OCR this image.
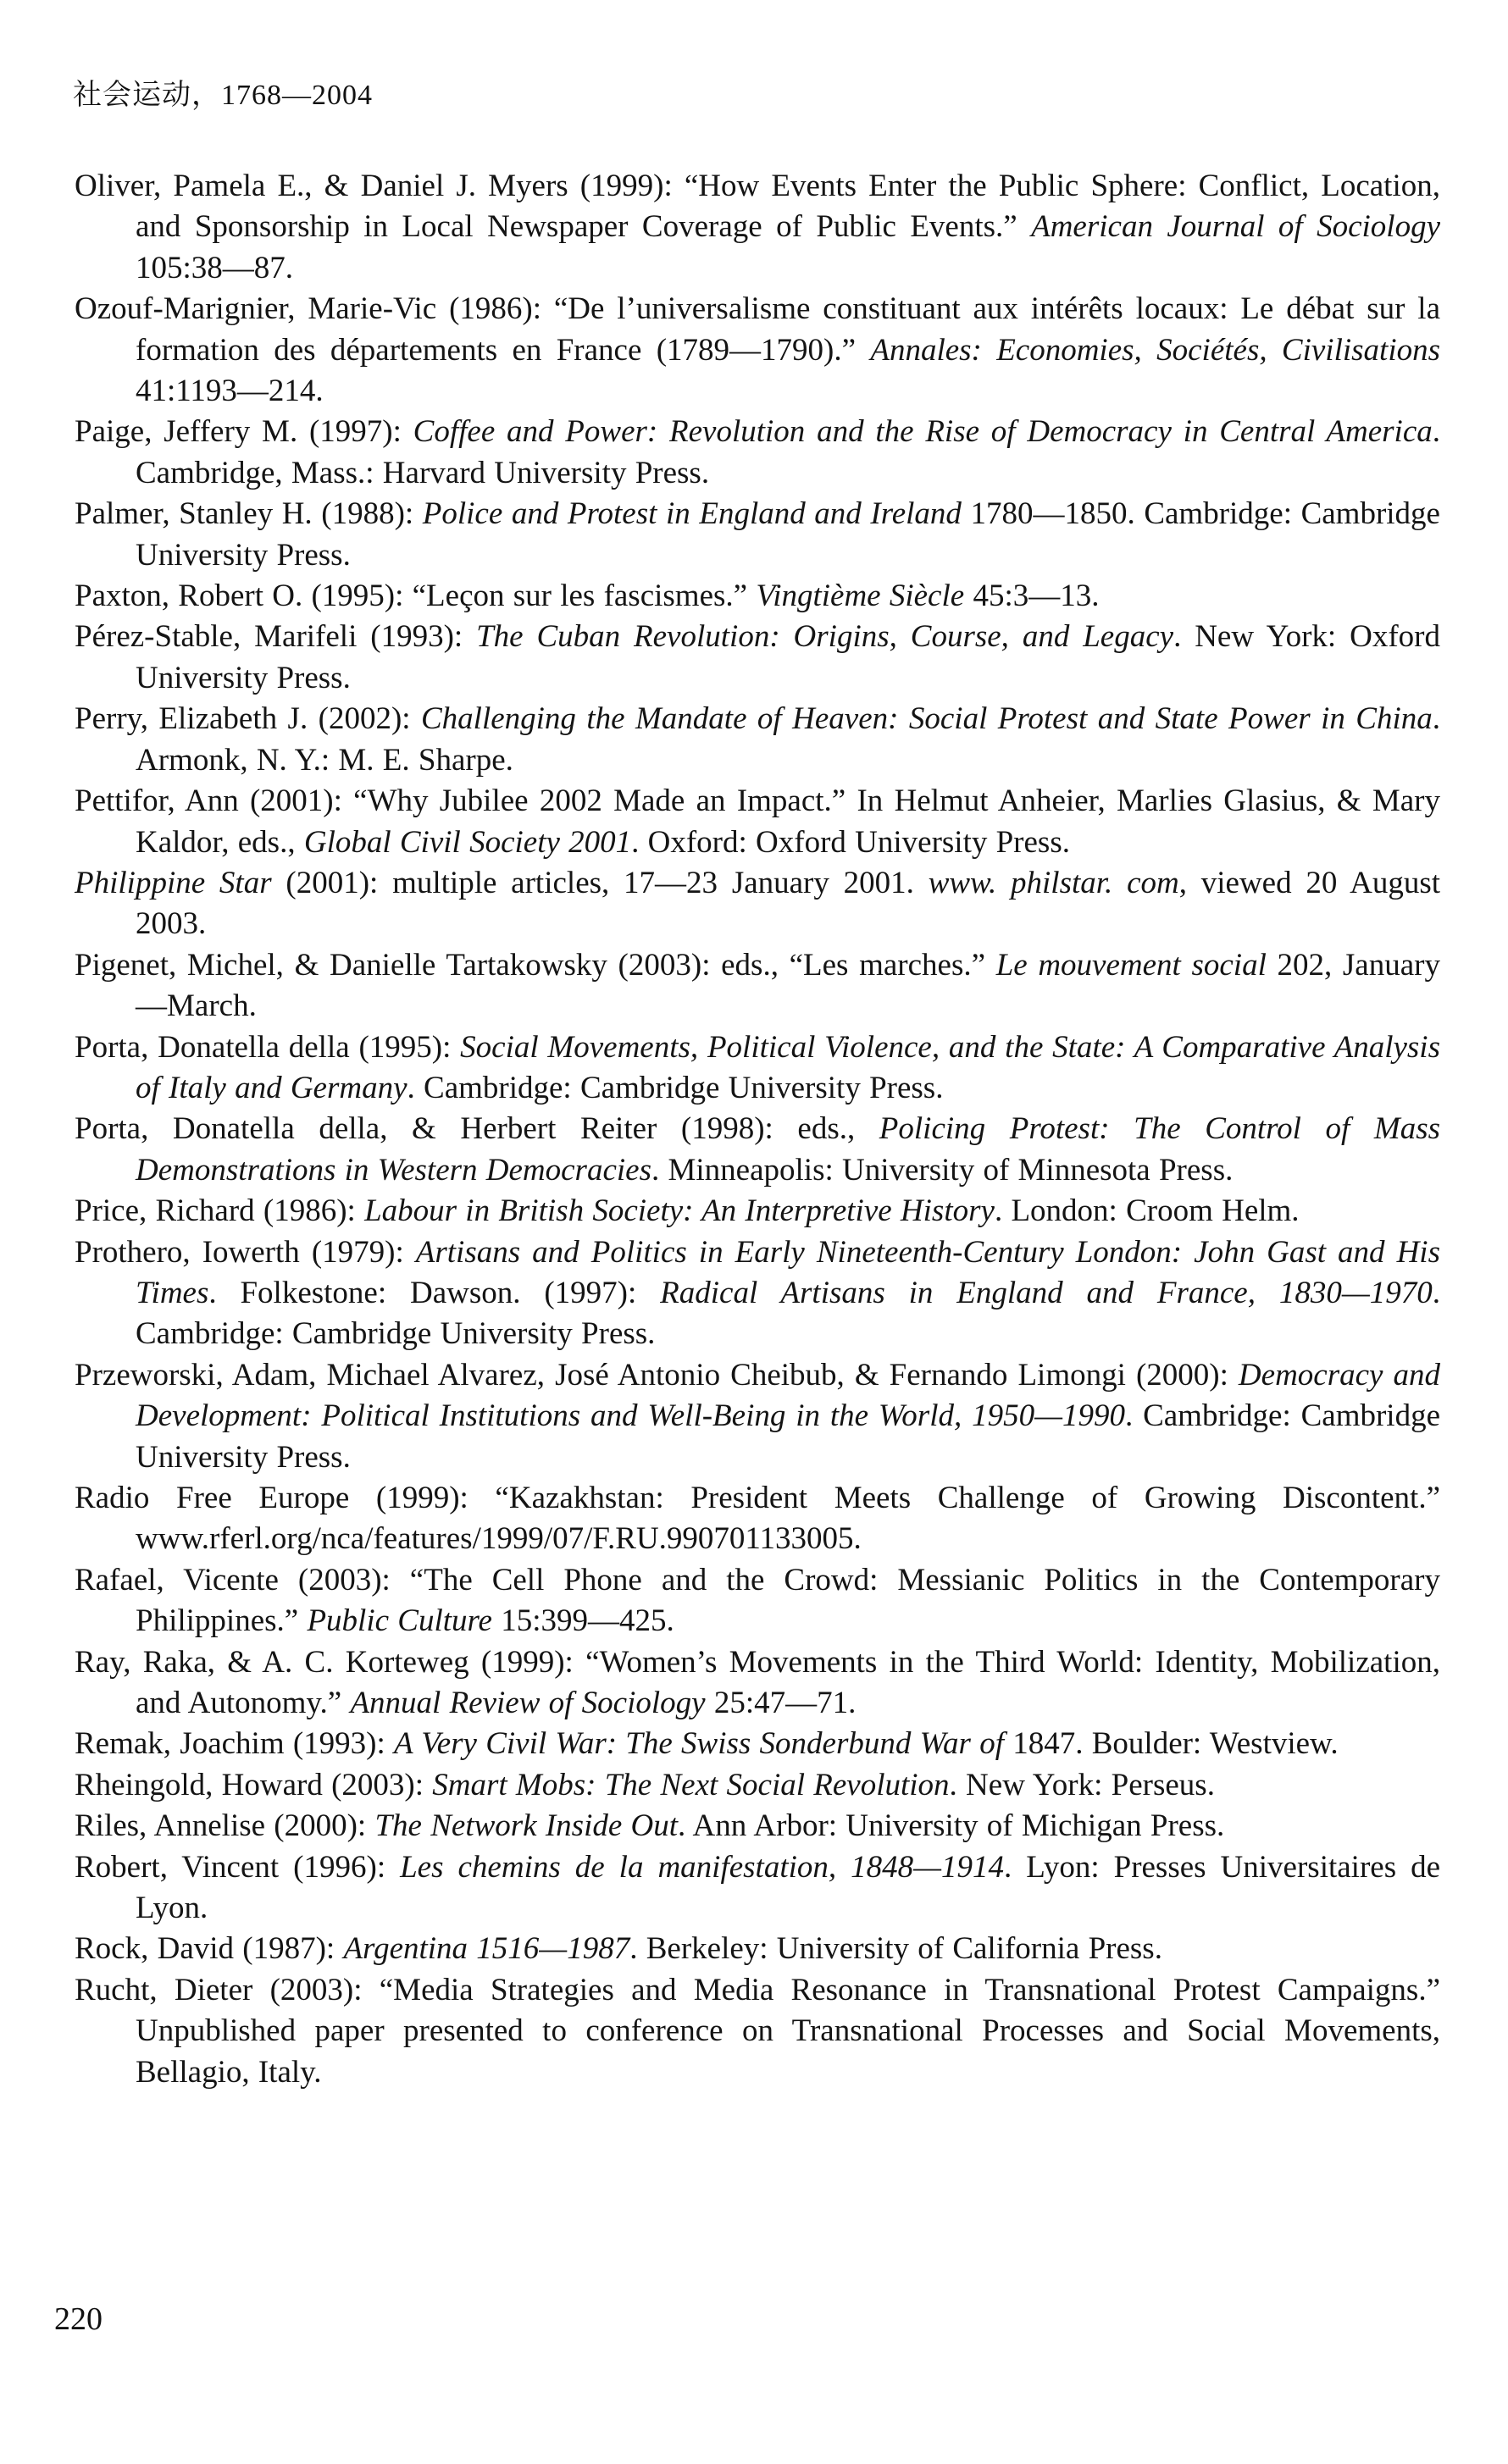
社会运动，1768—2004

Oliver, Pamela E., & Daniel J. Myers (1999): “How Events Enter the Public Sphere: Conflict, Location, and Sponsorship in Local Newspaper Coverage of Public Events.” American Journal of Sociology 105:38—87.

Ozouf-Marignier, Marie-Vic (1986): “De l’universalisme constituant aux intérêts locaux: Le débat sur la formation des départements en France (1789—1790).” Annales: Economies, Sociétés, Civilisations 41:1193—214.

Paige, Jeffery M. (1997): Coffee and Power: Revolution and the Rise of Democracy in Central America. Cambridge, Mass.: Harvard University Press.

Palmer, Stanley H. (1988): Police and Protest in England and Ireland 1780—1850. Cambridge: Cambridge University Press.

Paxton, Robert O. (1995): “Leçon sur les fascismes.” Vingtième Siècle 45:3—13.

Pérez-Stable, Marifeli (1993): The Cuban Revolution: Origins, Course, and Legacy. New York: Oxford University Press.

Perry, Elizabeth J. (2002): Challenging the Mandate of Heaven: Social Protest and State Power in China. Armonk, N. Y.: M. E. Sharpe.

Pettifor, Ann (2001): “Why Jubilee 2002 Made an Impact.” In Helmut Anheier, Marlies Glasius, & Mary Kaldor, eds., Global Civil Society 2001. Oxford: Oxford University Press.

Philippine Star (2001): multiple articles, 17—23 January 2001. www. philstar. com, viewed 20 August 2003.

Pigenet, Michel, & Danielle Tartakowsky (2003): eds., “Les marches.” Le mouvement social 202, January—March.

Porta, Donatella della (1995): Social Movements, Political Violence, and the State: A Comparative Analysis of Italy and Germany. Cambridge: Cambridge University Press.

Porta, Donatella della, & Herbert Reiter (1998): eds., Policing Protest: The Control of Mass Demonstrations in Western Democracies. Minneapolis: University of Minnesota Press.

Price, Richard (1986): Labour in British Society: An Interpretive History. London: Croom Helm.

Prothero, Iowerth (1979): Artisans and Politics in Early Nineteenth-Century London: John Gast and His Times. Folkestone: Dawson. (1997): Radical Artisans in England and France, 1830—1970. Cambridge: Cambridge University Press.

Przeworski, Adam, Michael Alvarez, José Antonio Cheibub, & Fernando Limongi (2000): Democracy and Development: Political Institutions and Well-Being in the World, 1950—1990. Cambridge: Cambridge University Press.

Radio Free Europe (1999): “Kazakhstan: President Meets Challenge of Growing Discontent.” www.rferl.org/nca/features/1999/07/F.RU.990701133005.

Rafael, Vicente (2003): “The Cell Phone and the Crowd: Messianic Politics in the Contemporary Philippines.” Public Culture 15:399—425.

Ray, Raka, & A. C. Korteweg (1999): “Women’s Movements in the Third World: Identity, Mobilization, and Autonomy.” Annual Review of Sociology 25:47—71.

Remak, Joachim (1993): A Very Civil War: The Swiss Sonderbund War of 1847. Boulder: Westview.

Rheingold, Howard (2003): Smart Mobs: The Next Social Revolution. New York: Perseus.

Riles, Annelise (2000): The Network Inside Out. Ann Arbor: University of Michigan Press.

Robert, Vincent (1996): Les chemins de la manifestation, 1848—1914. Lyon: Presses Universitaires de Lyon.

Rock, David (1987): Argentina 1516—1987. Berkeley: University of California Press.

Rucht, Dieter (2003): “Media Strategies and Media Resonance in Transnational Protest Campaigns.” Unpublished paper presented to conference on Transnational Processes and Social Movements, Bellagio, Italy.

220
